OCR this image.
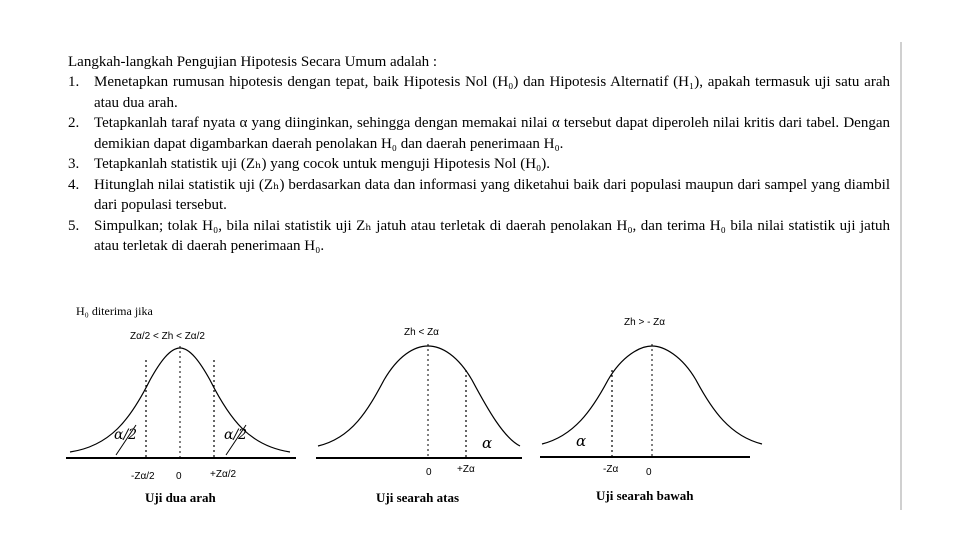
Langkah-langkah Pengujian Hipotesis Secara Umum adalah :

1. Menetapkan rumusan hipotesis dengan tepat, baik Hipotesis Nol (H₀) dan Hipotesis Alternatif (H₁), apakah termasuk uji satu arah atau dua arah.
2. Tetapkanlah taraf nyata α yang diinginkan, sehingga dengan memakai nilai α tersebut dapat diperoleh nilai kritis dari tabel. Dengan demikian dapat digambarkan daerah penolakan H₀ dan daerah penerimaan H₀.
3. Tetapkanlah statistik uji (Zₕ) yang cocok untuk menguji Hipotesis Nol (H₀).
4. Hitunglah nilai statistik uji (Zₕ) berdasarkan data dan informasi yang diketahui baik dari populasi maupun dari sampel yang diambil dari populasi tersebut.
5. Simpulkan; tolak H₀, bila nilai statistik uji Zₕ jatuh atau terletak di daerah penolakan H₀, dan terima H₀ bila nilai statistik uji jatuh atau terletak di daerah penerimaan H₀.
H₀ diterima jika
Zα/2 < Zh < Zα/2
α/2	α/2
-Zα/2 0	+Zα/2
Uji dua arah
Zh < Zα
α
0	+Zα
Uji searah atas
Zh > - Zα
α
-Zα	0
Uji searah bawah
